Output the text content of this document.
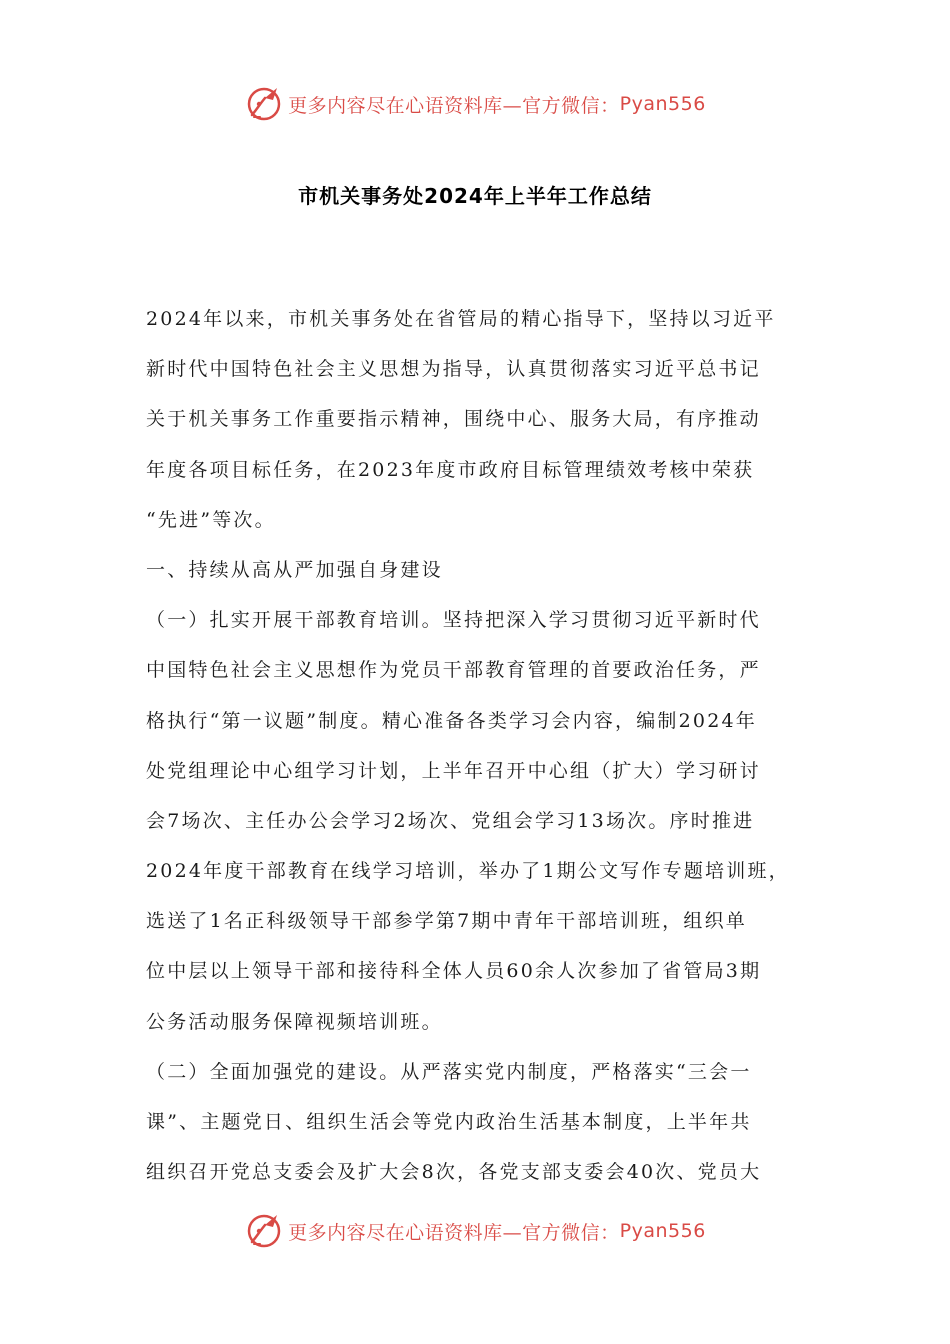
更多内容尽在心语资料库—官方微信： Pyan556
市机关事务处2024年上半年工作总结
2024年以来，市机关事务处在省管局的精心指导下，坚持以习近平
新时代中国特色社会主义思想为指导，认真贯彻落实习近平总书记
关于机关事务工作重要指示精神，围绕中心、服务大局，有序推动
年度各项目标任务，在2023年度市政府目标管理绩效考核中荣获
“先进”等次。
一、持续从高从严加强自身建设
（一）扎实开展干部教育培训。坚持把深入学习贯彻习近平新时代
中国特色社会主义思想作为党员干部教育管理的首要政治任务，严
格执行“第一议题”制度。精心准备各类学习会内容，编制2024年
处党组理论中心组学习计划，上半年召开中心组（扩大）学习研讨
会7场次、主任办公会学习2场次、党组会学习13场次。序时推进
2024年度干部教育在线学习培训，举办了1期公文写作专题培训班，
选送了1名正科级领导干部参学第7期中青年干部培训班，组织单
位中层以上领导干部和接待科全体人员60余人次参加了省管局3期
公务活动服务保障视频培训班。
（二）全面加强党的建设。从严落实党内制度，严格落实“三会一
课”、主题党日、组织生活会等党内政治生活基本制度，上半年共
组织召开党总支委会及扩大会8次，各党支部支委会40次、党员大
更多内容尽在心语资料库—官方微信： Pyan556
